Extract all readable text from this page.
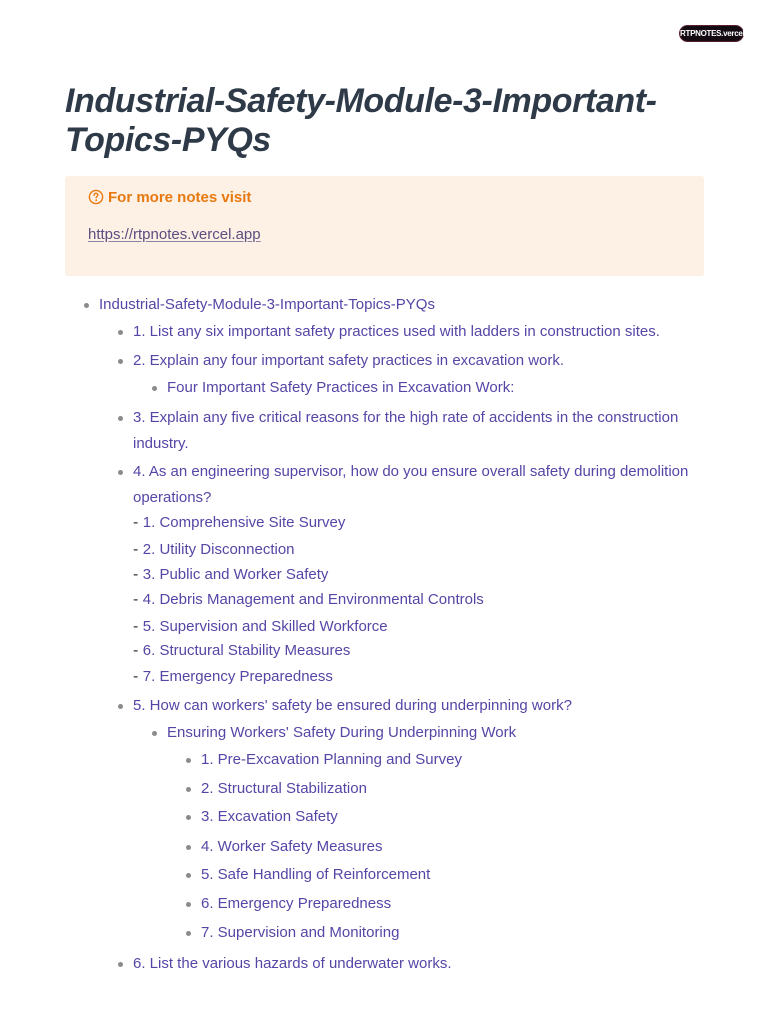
RTPNOTES.vercel.app
Industrial-Safety-Module-3-Important-Topics-PYQs
For more notes visit
https://rtpnotes.vercel.app
Industrial-Safety-Module-3-Important-Topics-PYQs
1. List any six important safety practices used with ladders in construction sites.
2. Explain any four important safety practices in excavation work.
Four Important Safety Practices in Excavation Work:
3. Explain any five critical reasons for the high rate of accidents in the construction industry.
4. As an engineering supervisor, how do you ensure overall safety during demolition operations?
- 1. Comprehensive Site Survey
- 2. Utility Disconnection
- 3. Public and Worker Safety
- 4. Debris Management and Environmental Controls
- 5. Supervision and Skilled Workforce
- 6. Structural Stability Measures
- 7. Emergency Preparedness
5. How can workers' safety be ensured during underpinning work?
Ensuring Workers' Safety During Underpinning Work
1. Pre-Excavation Planning and Survey
2. Structural Stabilization
3. Excavation Safety
4. Worker Safety Measures
5. Safe Handling of Reinforcement
6. Emergency Preparedness
7. Supervision and Monitoring
6. List the various hazards of underwater works.
